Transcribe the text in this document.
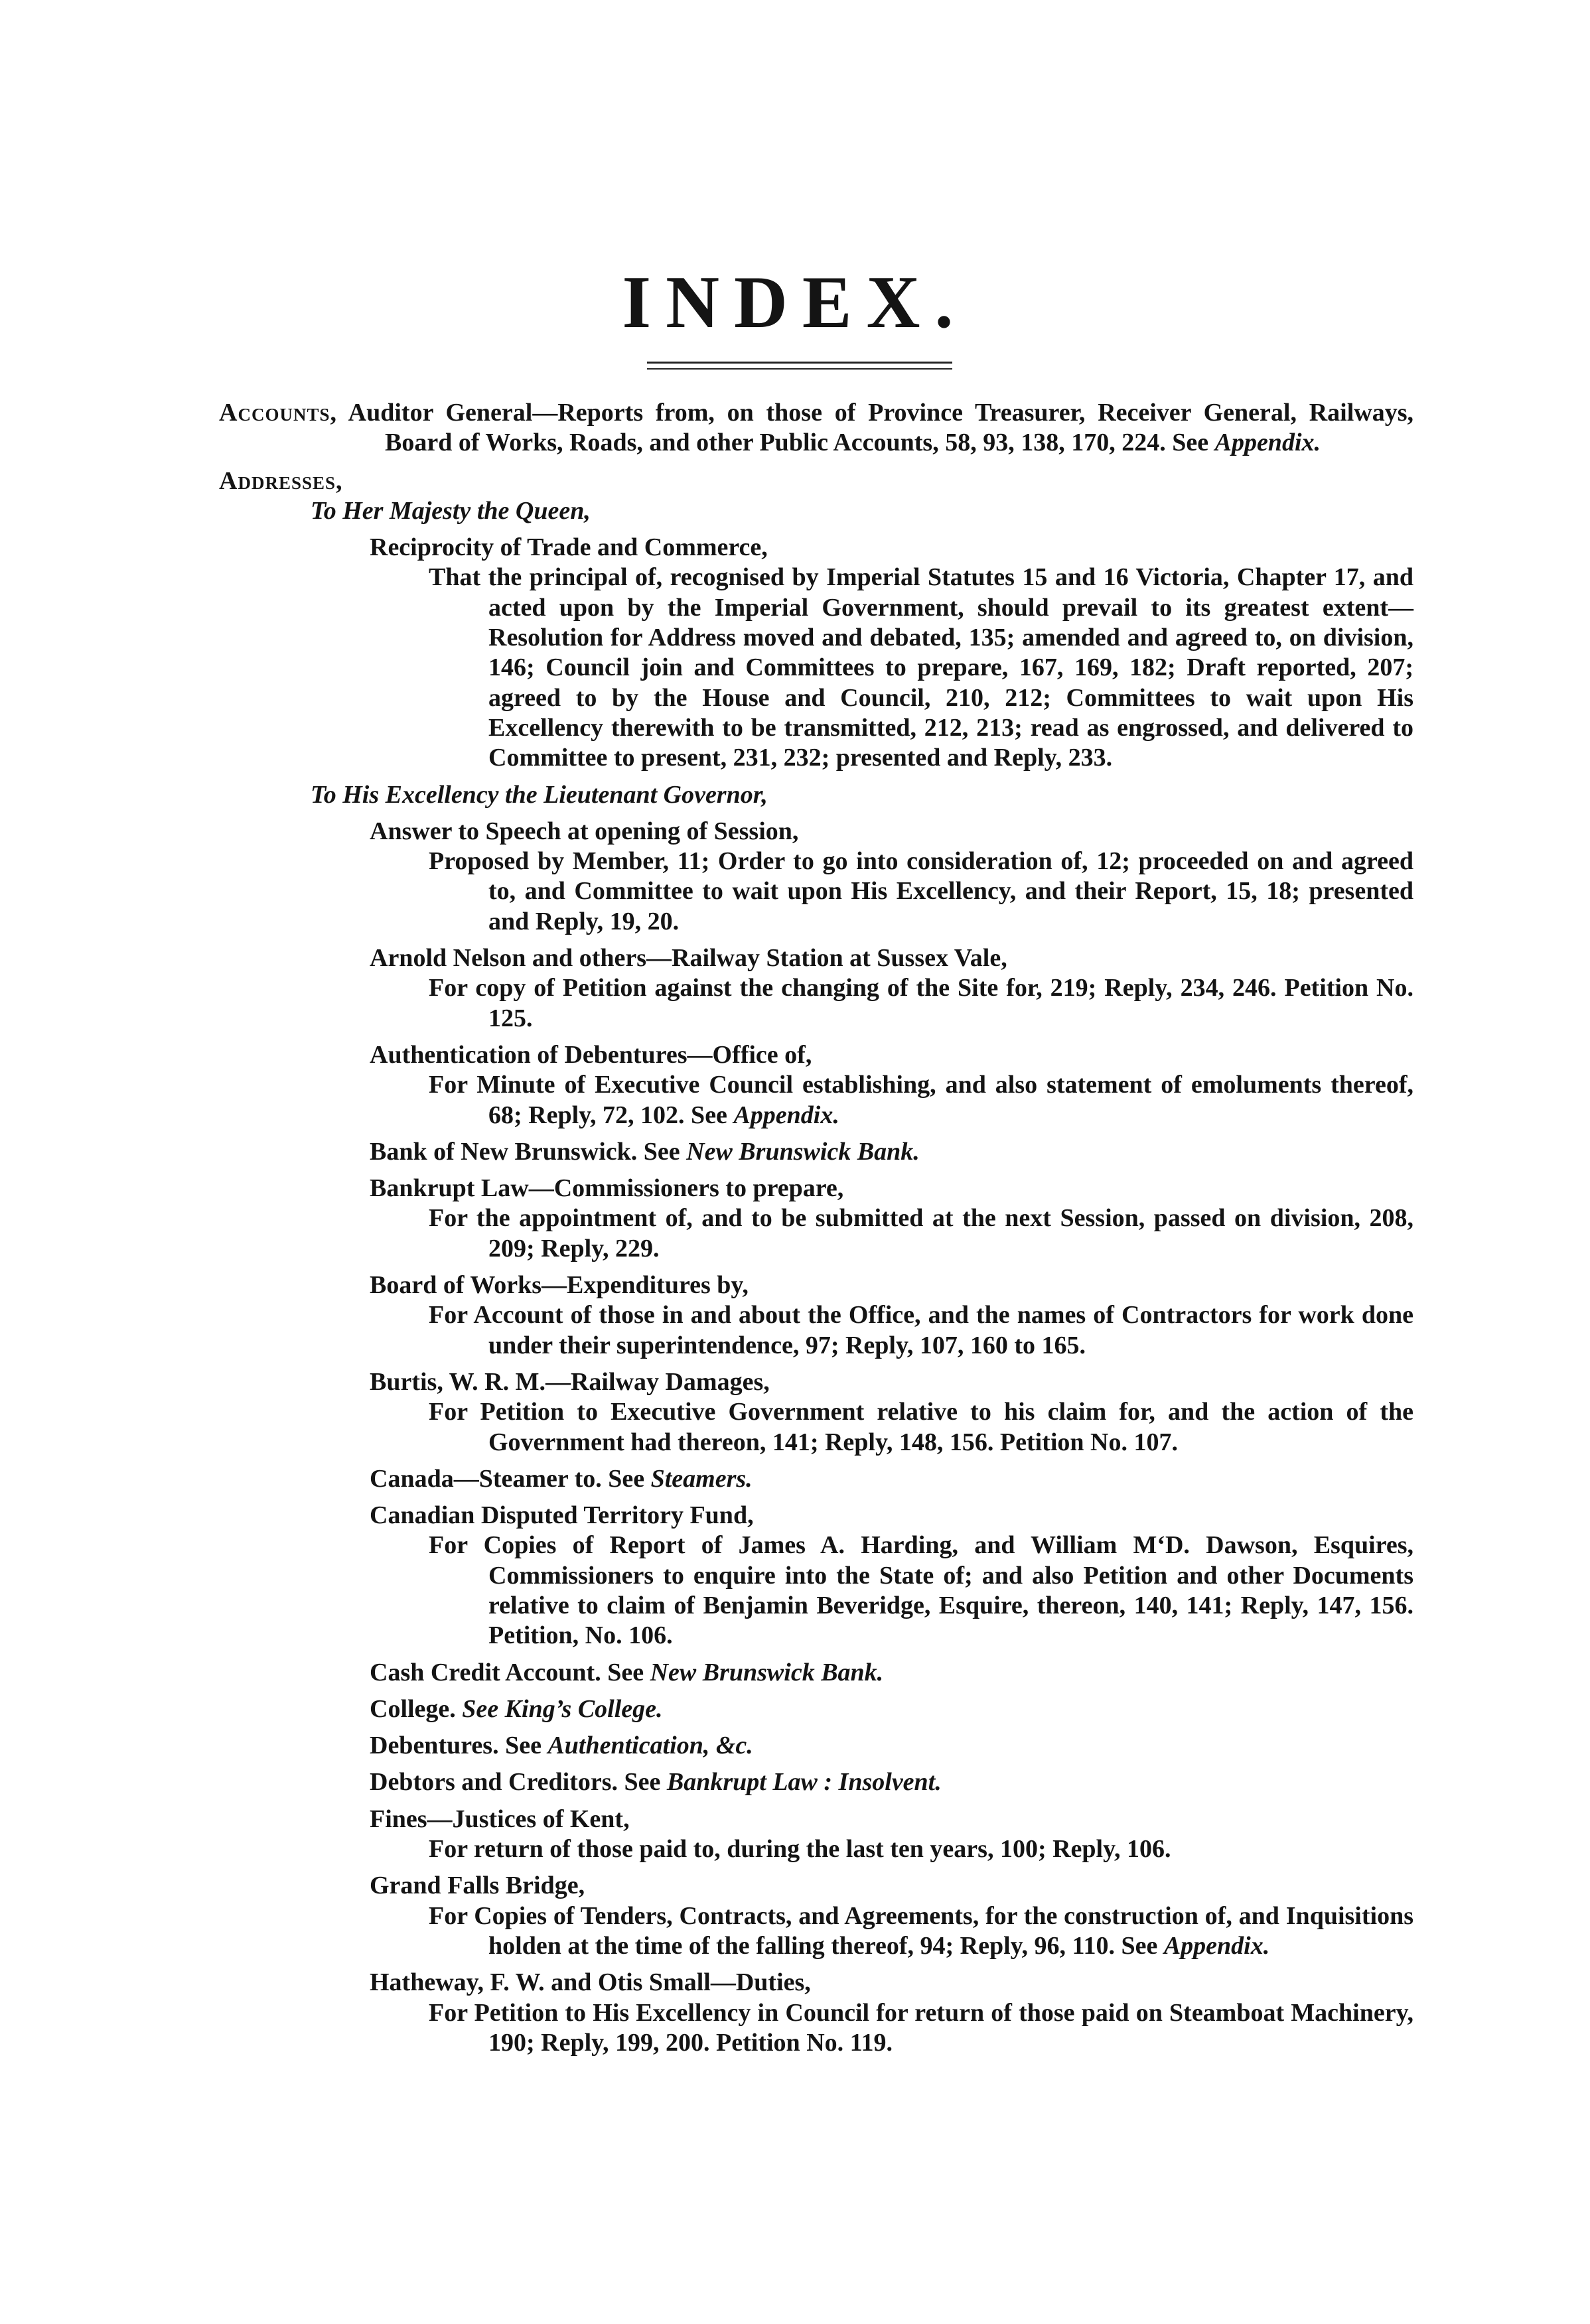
INDEX.

Accounts, Auditor General—Reports from, on those of Province Treasurer, Receiver General, Railways, Board of Works, Roads, and other Public Accounts, 58, 93, 138, 170, 224. See Appendix.

Addresses,

To Her Majesty the Queen,

Reciprocity of Trade and Commerce,

That the principal of, recognised by Imperial Statutes 15 and 16 Victoria, Chapter 17, and acted upon by the Imperial Government, should prevail to its greatest extent—Resolution for Address moved and debated, 135; amended and agreed to, on division, 146; Council join and Committees to prepare, 167, 169, 182; Draft reported, 207; agreed to by the House and Council, 210, 212; Committees to wait upon His Excellency therewith to be transmitted, 212, 213; read as engrossed, and delivered to Committee to present, 231, 232; presented and Reply, 233.

To His Excellency the Lieutenant Governor,

Answer to Speech at opening of Session,

Proposed by Member, 11; Order to go into consideration of, 12; proceeded on and agreed to, and Committee to wait upon His Excellency, and their Report, 15, 18; presented and Reply, 19, 20.

Arnold Nelson and others—Railway Station at Sussex Vale,

For copy of Petition against the changing of the Site for, 219; Reply, 234, 246. Petition No. 125.

Authentication of Debentures—Office of,

For Minute of Executive Council establishing, and also statement of emoluments thereof, 68; Reply, 72, 102. See Appendix.

Bank of New Brunswick. See New Brunswick Bank.

Bankrupt Law—Commissioners to prepare,

For the appointment of, and to be submitted at the next Session, passed on division, 208, 209; Reply, 229.

Board of Works—Expenditures by,

For Account of those in and about the Office, and the names of Contractors for work done under their superintendence, 97; Reply, 107, 160 to 165.

Burtis, W. R. M.—Railway Damages,

For Petition to Executive Government relative to his claim for, and the action of the Government had thereon, 141; Reply, 148, 156. Petition No. 107.

Canada—Steamer to. See Steamers.

Canadian Disputed Territory Fund,

For Copies of Report of James A. Harding, and William M‘D. Dawson, Esquires, Commissioners to enquire into the State of; and also Petition and other Documents relative to claim of Benjamin Beveridge, Esquire, thereon, 140, 141; Reply, 147, 156. Petition, No. 106.

Cash Credit Account. See New Brunswick Bank.

College. See King’s College.

Debentures. See Authentication, &c.

Debtors and Creditors. See Bankrupt Law : Insolvent.

Fines—Justices of Kent,

For return of those paid to, during the last ten years, 100; Reply, 106.

Grand Falls Bridge,

For Copies of Tenders, Contracts, and Agreements, for the construction of, and Inquisitions holden at the time of the falling thereof, 94; Reply, 96, 110. See Appendix.

Hatheway, F. W. and Otis Small—Duties,

For Petition to His Excellency in Council for return of those paid on Steamboat Machinery, 190; Reply, 199, 200. Petition No. 119.
